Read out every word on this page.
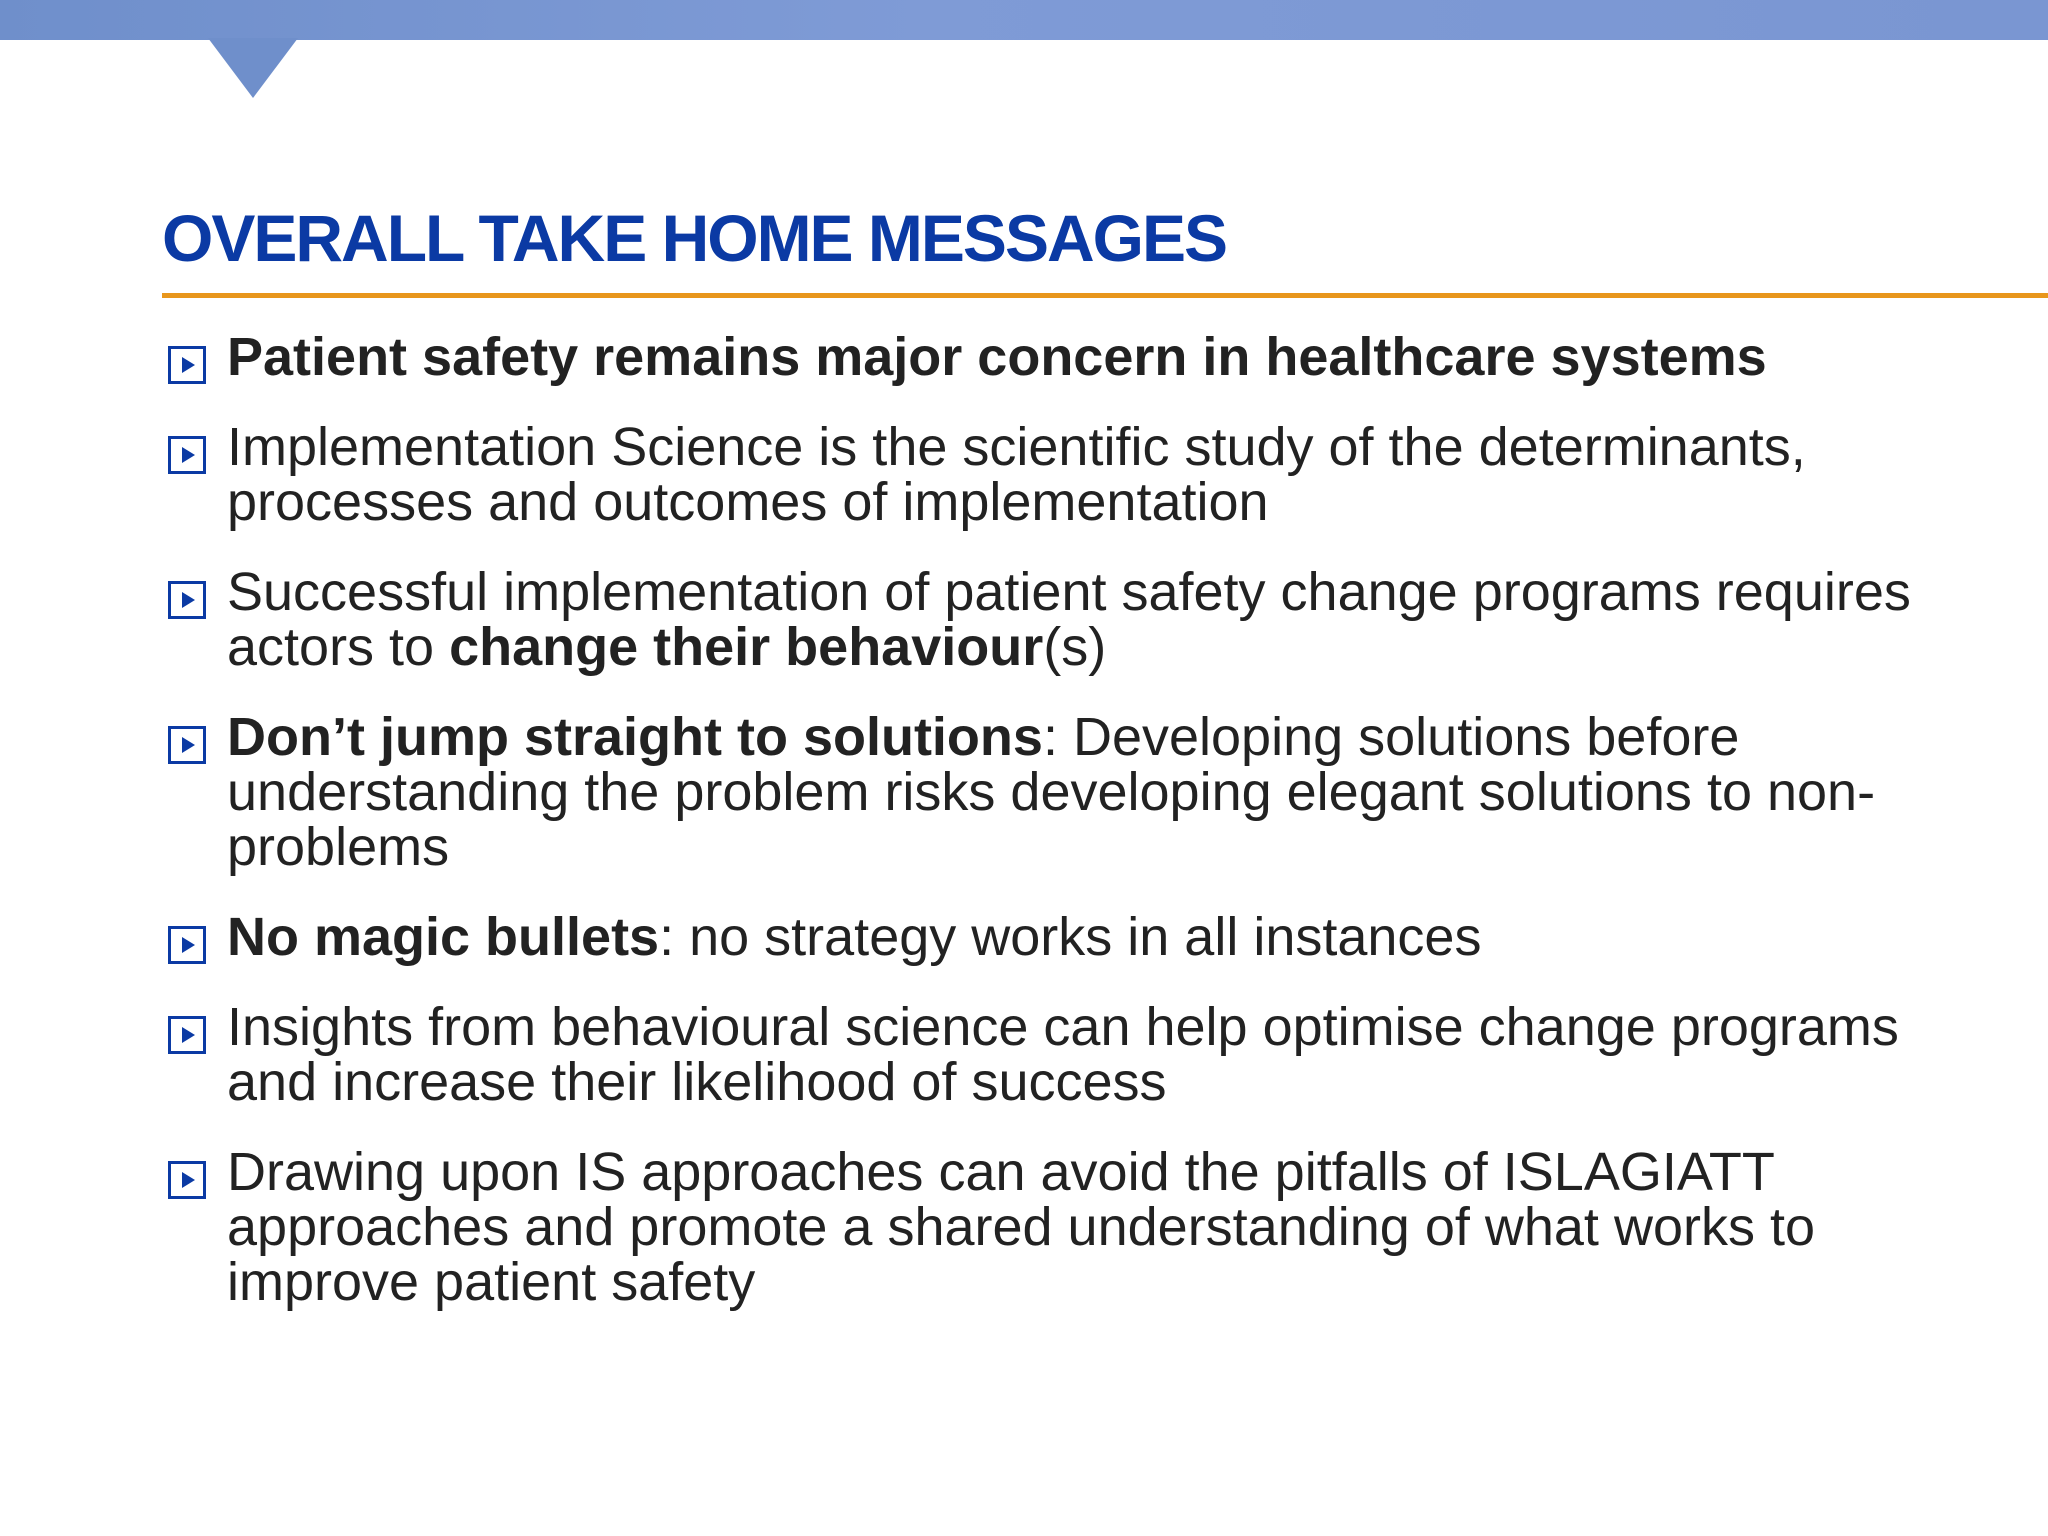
OVERALL TAKE HOME MESSAGES
Patient safety remains major concern in healthcare systems
Implementation Science is the scientific study of the determinants, processes and outcomes of implementation
Successful implementation of patient safety change programs requires actors to change their behaviour(s)
Don’t jump straight to solutions: Developing solutions before understanding the problem risks developing elegant solutions to non-problems
No magic bullets: no strategy works in all instances
Insights from behavioural science can help optimise change programs and increase their likelihood of success
Drawing upon IS approaches can avoid the pitfalls of ISLAGIATT approaches and promote a shared understanding of what works to improve patient safety
